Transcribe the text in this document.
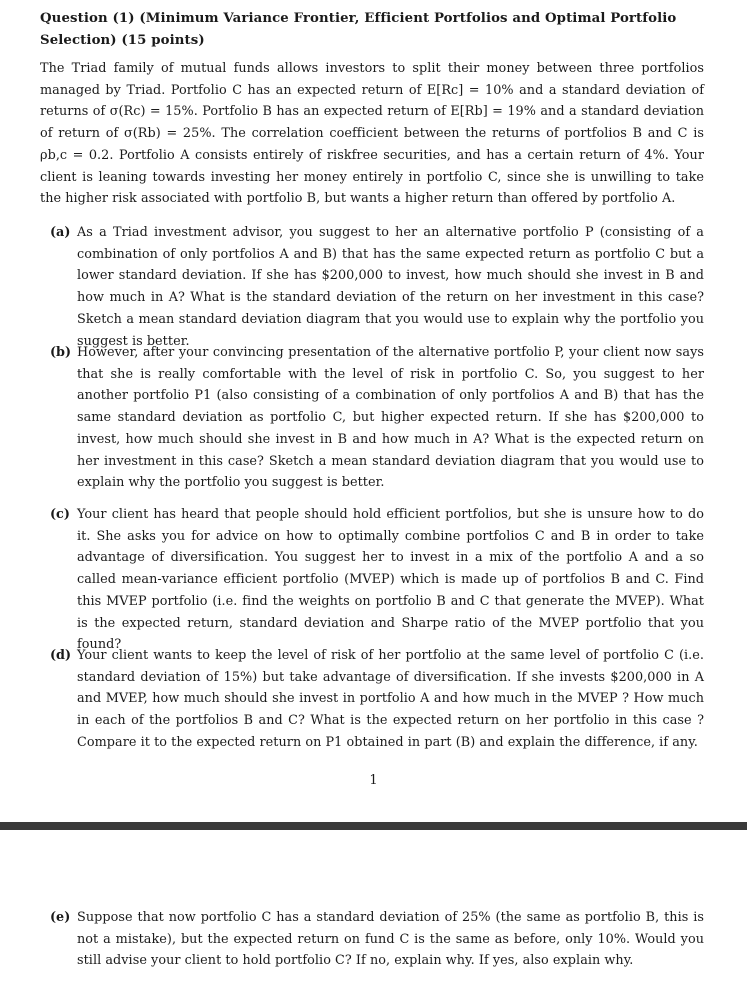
Question (1) (Minimum Variance Frontier, Efficient Portfolios and Optimal Portfolio Selection) (15 points)
The Triad family of mutual funds allows investors to split their money between three portfolios managed by Triad. Portfolio C has an expected return of E[Rc] = 10% and a standard deviation of returns of σ(Rc) = 15%. Portfolio B has an expected return of E[Rb] = 19% and a standard deviation of return of σ(Rb) = 25%. The correlation coefficient between the returns of portfolios B and C is ρb,c = 0.2. Portfolio A consists entirely of riskfree securities, and has a certain return of 4%. Your client is leaning towards investing her money entirely in portfolio C, since she is unwilling to take the higher risk associated with portfolio B, but wants a higher return than offered by portfolio A.
(a) As a Triad investment advisor, you suggest to her an alternative portfolio P (consisting of a combination of only portfolios A and B) that has the same expected return as portfolio C but a lower standard deviation. If she has $200,000 to invest, how much should she invest in B and how much in A? What is the standard deviation of the return on her investment in this case? Sketch a mean standard deviation diagram that you would use to explain why the portfolio you suggest is better.
(b) However, after your convincing presentation of the alternative portfolio P, your client now says that she is really comfortable with the level of risk in portfolio C. So, you suggest to her another portfolio P1 (also consisting of a combination of only portfolios A and B) that has the same standard deviation as portfolio C, but higher expected return. If she has $200,000 to invest, how much should she invest in B and how much in A? What is the expected return on her investment in this case? Sketch a mean standard deviation diagram that you would use to explain why the portfolio you suggest is better.
(c) Your client has heard that people should hold efficient portfolios, but she is unsure how to do it. She asks you for advice on how to optimally combine portfolios C and B in order to take advantage of diversification. You suggest her to invest in a mix of the portfolio A and a so called mean-variance efficient portfolio (MVEP) which is made up of portfolios B and C. Find this MVEP portfolio (i.e. find the weights on portfolio B and C that generate the MVEP). What is the expected return, standard deviation and Sharpe ratio of the MVEP portfolio that you found?
(d) Your client wants to keep the level of risk of her portfolio at the same level of portfolio C (i.e. standard deviation of 15%) but take advantage of diversification. If she invests $200,000 in A and MVEP, how much should she invest in portfolio A and how much in the MVEP ? How much in each of the portfolios B and C? What is the expected return on her portfolio in this case ? Compare it to the expected return on P1 obtained in part (B) and explain the difference, if any.
1
(e) Suppose that now portfolio C has a standard deviation of 25% (the same as portfolio B, this is not a mistake), but the expected return on fund C is the same as before, only 10%. Would you still advise your client to hold portfolio C? If no, explain why. If yes, also explain why.
